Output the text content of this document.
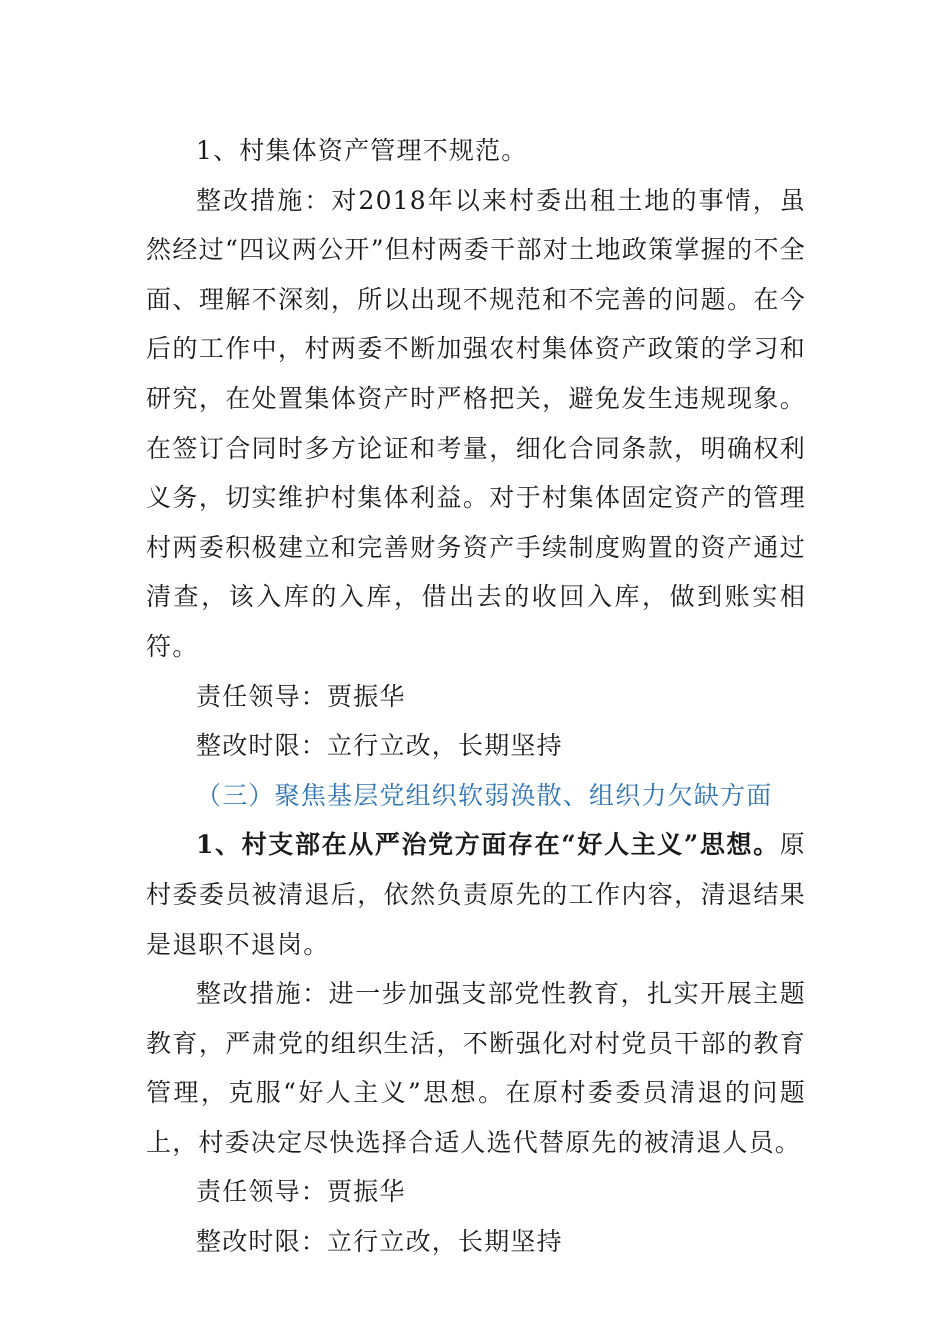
1、村集体资产管理不规范。

整改措施：对2018年以来村委出租土地的事情，虽然经过“四议两公开”但村两委干部对土地政策掌握的不全面、理解不深刻，所以出现不规范和不完善的问题。在今后的工作中，村两委不断加强农村集体资产政策的学习和研究，在处置集体资产时严格把关，避免发生违规现象。在签订合同时多方论证和考量，细化合同条款，明确权利义务，切实维护村集体利益。对于村集体固定资产的管理村两委积极建立和完善财务资产手续制度购置的资产通过清查，该入库的入库，借出去的收回入库，做到账实相符。

责任领导：贾振华

整改时限：立行立改，长期坚持

（三）聚焦基层党组织软弱涣散、组织力欠缺方面

1、村支部在从严治党方面存在“好人主义”思想。原村委委员被清退后，依然负责原先的工作内容，清退结果是退职不退岗。

整改措施：进一步加强支部党性教育，扎实开展主题教育，严肃党的组织生活，不断强化对村党员干部的教育管理，克服“好人主义”思想。在原村委委员清退的问题上，村委决定尽快选择合适人选代替原先的被清退人员。

责任领导：贾振华

整改时限：立行立改，长期坚持
